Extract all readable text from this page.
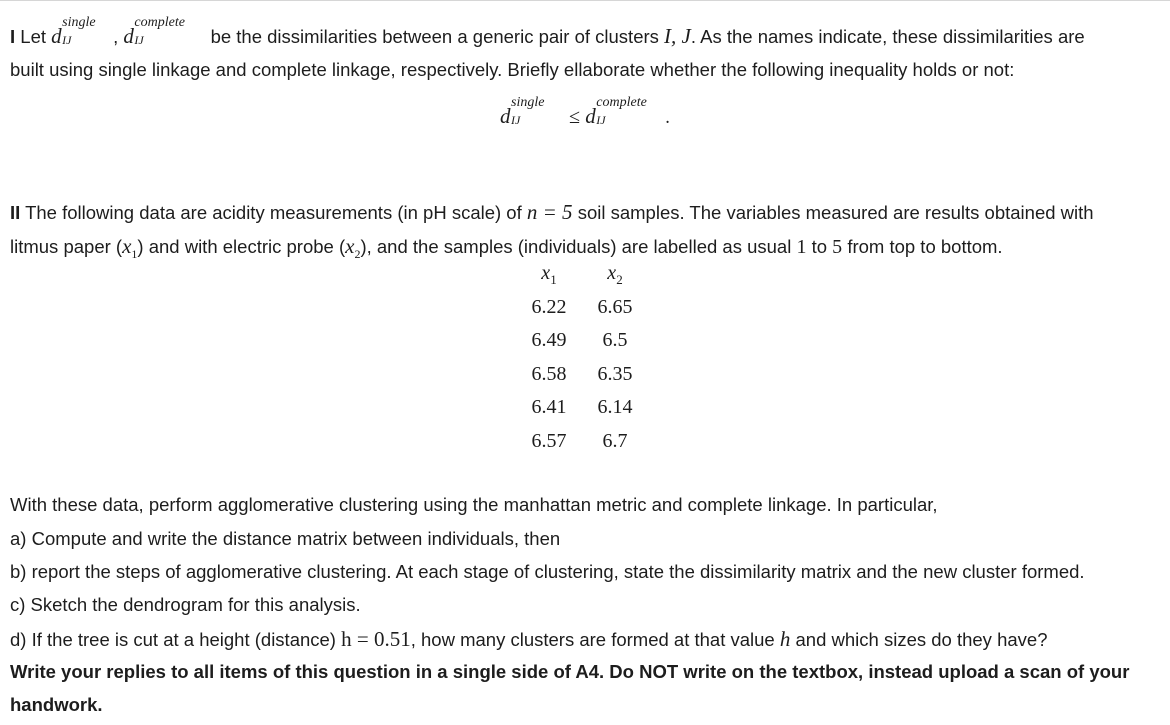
I Let d
single
IJ , d
complete
IJ	be the dissimilarities between a generic pair of clusters I, J. As the names indicate, these dissimilarities are
built using single linkage and complete linkage, respectively. Briefly ellaborate whether the following inequality holds or not:
d
single
IJ ≤ d
complete
IJ	.
II The following data are acidity measurements (in pH scale) of n = 5 soil samples. The variables measured are results obtained with
litmus paper $(x_1)$ and with electric probe $(x_2)$, and the samples (individuals) are labelled as usual 1 to 5 from top to bottom.
$x_1$	$x_2$
6.22	6.65
6.49	6.5
6.58	6.35
6.41	6.14
6.57	6.7
With these data, perform agglomerative clustering using the manhattan metric and complete linkage. In particular,
a) Compute and write the distance matrix between individuals, then
b) report the steps of agglomerative clustering. At each stage of clustering, state the dissimilarity matrix and the new cluster formed.
c) Sketch the dendrogram for this analysis.
d) If the tree is cut at a height (distance) h = 0.51, how many clusters are formed at that value h and which sizes do they have?
Write your replies to all items of this question in a single side of A4. Do NOT write on the textbox, instead upload a scan of your
handwork.
